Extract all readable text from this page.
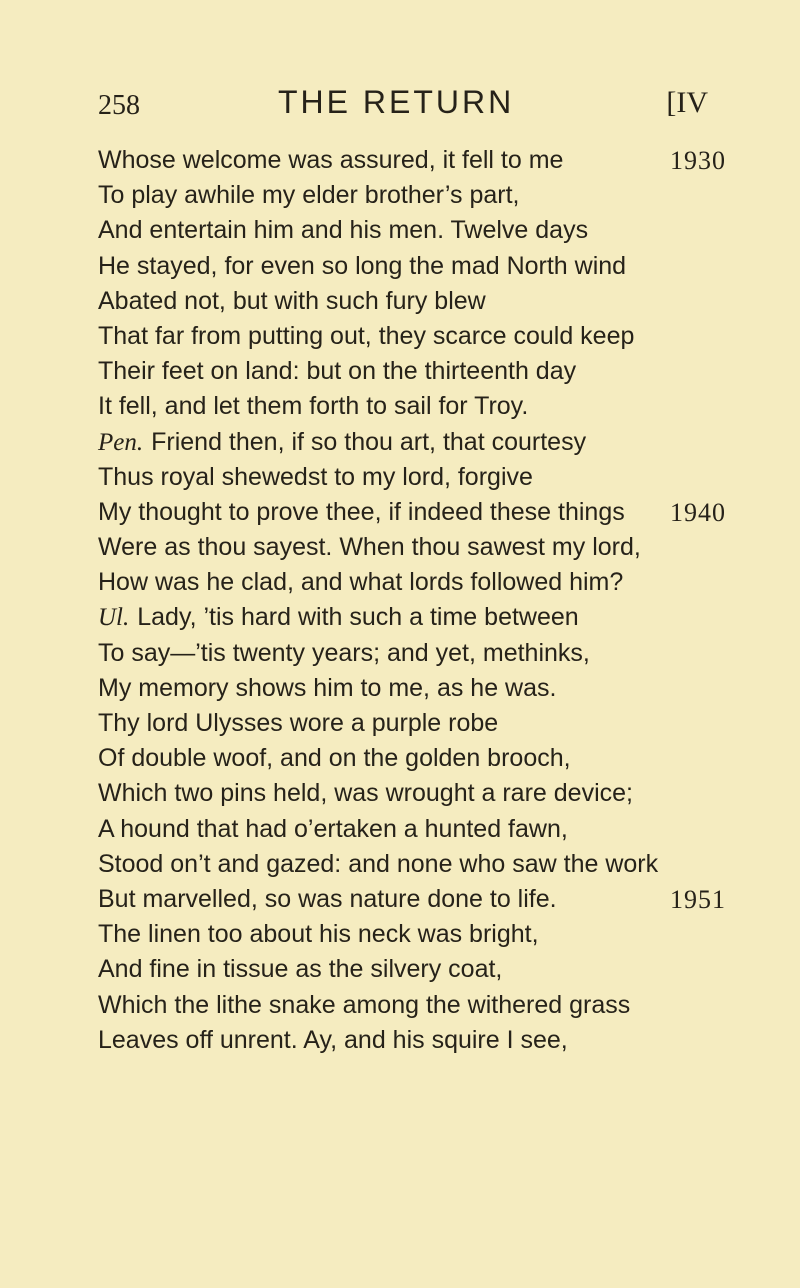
258	THE RETURN	[IV
Whose welcome was assured, it fell to me	1930
To play awhile my elder brother’s part,
And entertain him and his men. Twelve days
He stayed, for even so long the mad North wind
Abated not, but with such fury blew
That far from putting out, they scarce could keep
Their feet on land: but on the thirteenth day
It fell, and let them forth to sail for Troy.
Pen. Friend then, if so thou art, that courtesy
Thus royal shewedst to my lord, forgive
My thought to prove thee, if indeed these things 1940
Were as thou sayest. When thou sawest my lord,
How was he clad, and what lords followed him?
Ul. Lady, ’tis hard with such a time between
To say—’tis twenty years; and yet, methinks,
My memory shows him to me, as he was.
Thy lord Ulysses wore a purple robe
Of double woof, and on the golden brooch,
Which two pins held, was wrought a rare device;
A hound that had o’ertaken a hunted fawn,
Stood on’t and gazed: and none who saw the work
But marvelled, so was nature done to life.	1951
The linen too about his neck was bright,
And fine in tissue as the silvery coat,
Which the lithe snake among the withered grass
Leaves off unrent. Ay, and his squire I see,
